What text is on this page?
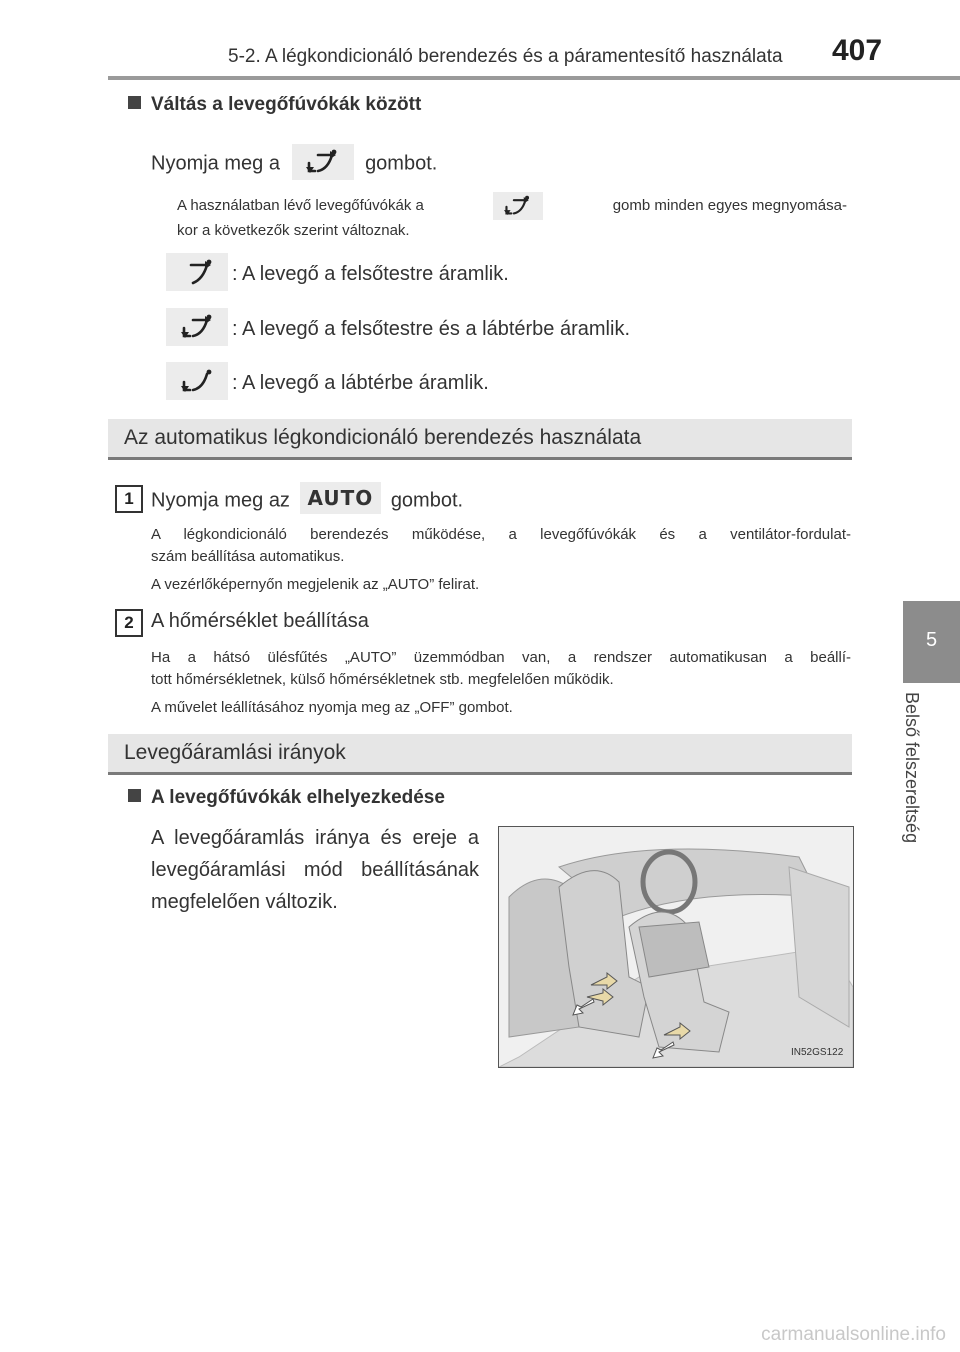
5-2. A légkondicionáló berendezés és a páramentesítő használata 407
5
Belső felszereltség
Váltás a levegőfúvókák között
Nyomja meg a	gombot.
A használatban lévő levegőfúvókák a	gomb minden egyes megnyomása-
kor a következők szerint változnak.
: A levegő a felsőtestre áramlik.
: A levegő a felsőtestre és a lábtérbe áramlik.
: A levegő a lábtérbe áramlik.
Az automatikus légkondicionáló berendezés használata
1 Nyomja meg az AUTO gombot.
A légkondicionáló berendezés működése, a levegőfúvókák és a ventilátor-fordulat-
szám beállítása automatikus.
A vezérlőképernyőn megjelenik az „AUTO” felirat.
2 A hőmérséklet beállítása
Ha a hátsó ülésfűtés „AUTO” üzemmódban van, a rendszer automatikusan a beállí-
tott hőmérsékletnek, külső hőmérsékletnek stb. megfelelően működik.
A művelet leállításához nyomja meg az „OFF” gombot.
Levegőáramlási irányok
A levegőfúvókák elhelyezkedése
A levegőáramlás iránya és ereje a
levegőáramlási mód beállításának
megfelelően változik.
IN52GS122
carmanualsonline.info
